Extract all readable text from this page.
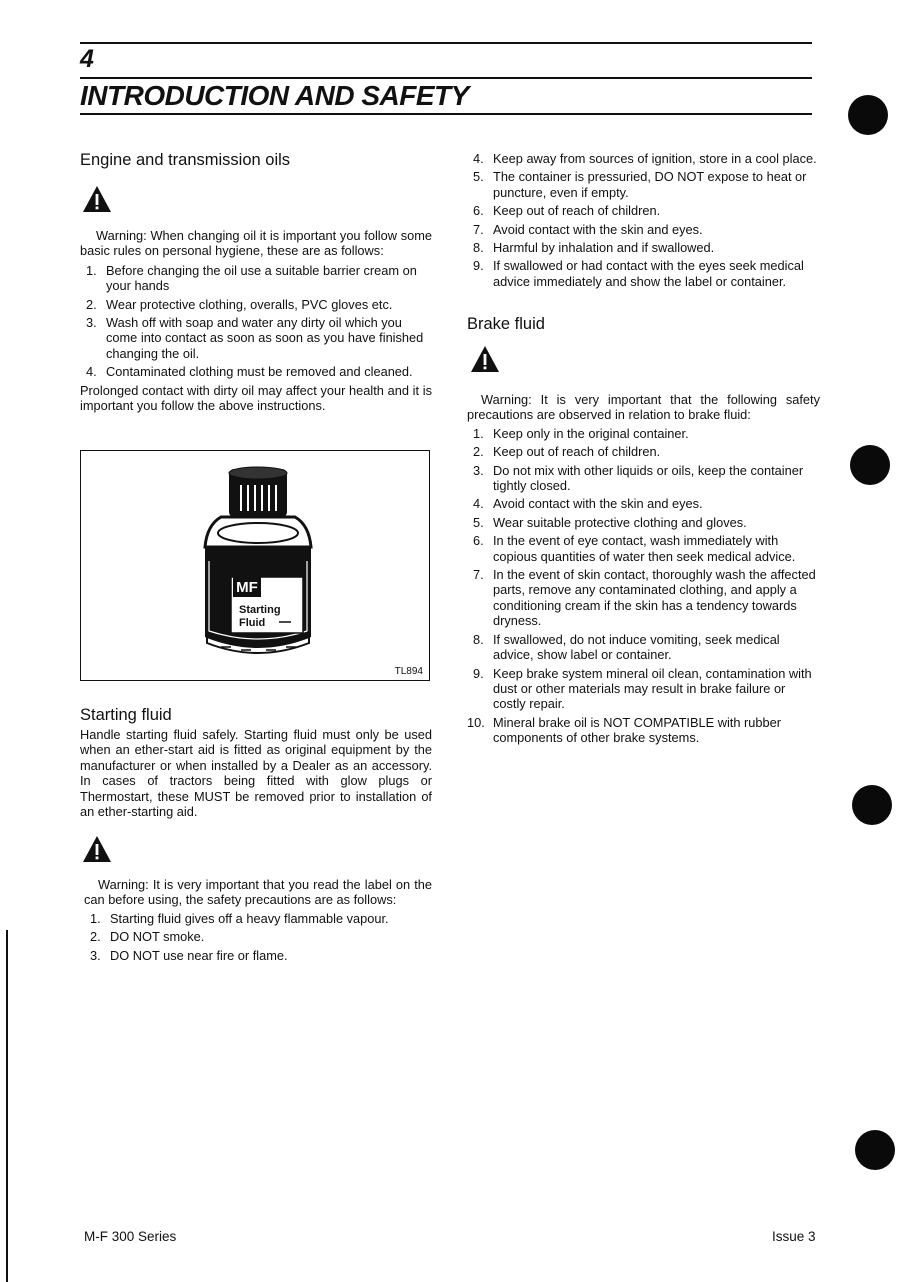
4
INTRODUCTION AND SAFETY
Engine and transmission oils

Warning: When changing oil it is important you follow some basic rules on personal hygiene, these are as follows:

1. Before changing the oil use a suitable barrier cream on your hands
2. Wear protective clothing, overalls, PVC gloves etc.
3. Wash off with soap and water any dirty oil which you come into contact as soon as soon as you have finished changing the oil.
4. Contaminated clothing must be removed and cleaned.

Prolonged contact with dirty oil may affect your health and it is important you follow the above instructions.

MF
Starting
Fluid
TL894
Starting fluid

Handle starting fluid safely. Starting fluid must only be used when an ether-start aid is fitted as original equipment by the manufacturer or when installed by a Dealer as an accessory. In cases of tractors being fitted with glow plugs or Thermostart, these MUST be removed prior to installation of an ether-starting aid.

Warning: It is very important that you read the label on the can before using, the safety precautions are as follows:

1. Starting fluid gives off a heavy flammable vapour.
2. DO NOT smoke.
3. DO NOT use near fire or flame.
4. Keep away from sources of ignition, store in a cool place.
5. The container is pressuried, DO NOT expose to heat or puncture, even if empty.
6. Keep out of reach of children.
7. Avoid contact with the skin and eyes.
8. Harmful by inhalation and if swallowed.
9. If swallowed or had contact with the eyes seek medical advice immediately and show the label or container.
Brake fluid

Warning: It is very important that the following safety precautions are observed in relation to brake fluid:

1. Keep only in the original container.
2. Keep out of reach of children.
3. Do not mix with other liquids or oils, keep the container tightly closed.
4. Avoid contact with the skin and eyes.
5. Wear suitable protective clothing and gloves.
6. In the event of eye contact, wash immediately with copious quantities of water then seek medical advice.
7. In the event of skin contact, thoroughly wash the affected parts, remove any contaminated clothing, and apply a conditioning cream if the skin has a tendency towards dryness.
8. If swallowed, do not induce vomiting, seek medical advice, show label or container.
9. Keep brake system mineral oil clean, contamination with dust or other materials may result in brake failure or costly repair.
10. Mineral brake oil is NOT COMPATIBLE with rubber components of other brake systems.
M-F 300 Series	Issue 3
